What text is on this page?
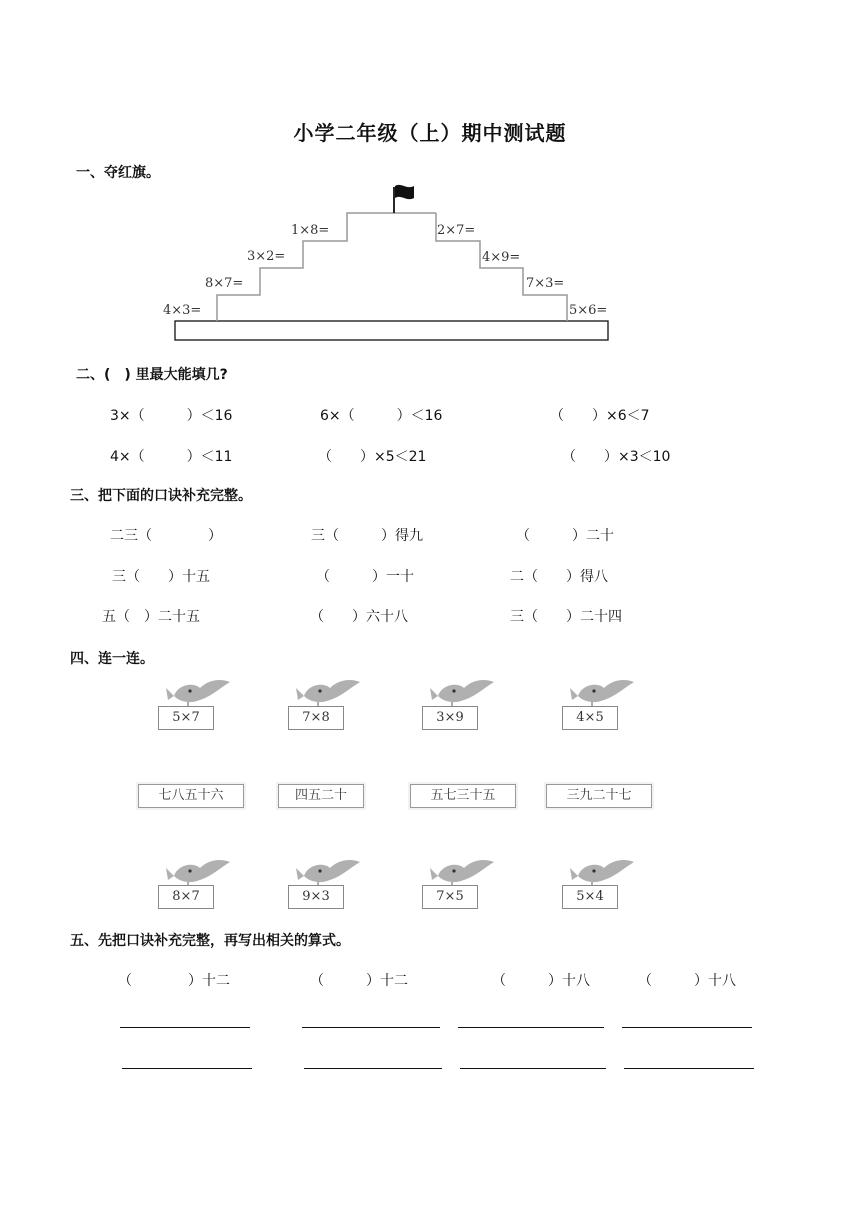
小学二年级（上）期中测试题
一、夺红旗。
4×3=
8×7=
3×2=
1×8=	2×7=
4×9=
7×3=
5×6=
二、(　) 里最大能填几?
3×（　　　）＜16	6×（　　　）＜16	（　　）×6＜7
4×（　　　）＜11	（　　）×5＜21	（　　）×3＜10
三、把下面的口诀补充完整。
二三（　　　　）	三（　　　）得九	（　　　）二十
三（　　）十五	（　　　）一十	二（　　）得八
五（　）二十五	（　　）六十八	三（　　）二十四
四、连一连。
5×7	7×8	3×9	4×5
七八五十六	四五二十	五七三十五	三九二十七
8×7	9×3	7×5	5×4
五、先把口诀补充完整，再写出相关的算式。
（　　　　）十二	（　　　）十二	（　　　）十八	（　　　）十八
